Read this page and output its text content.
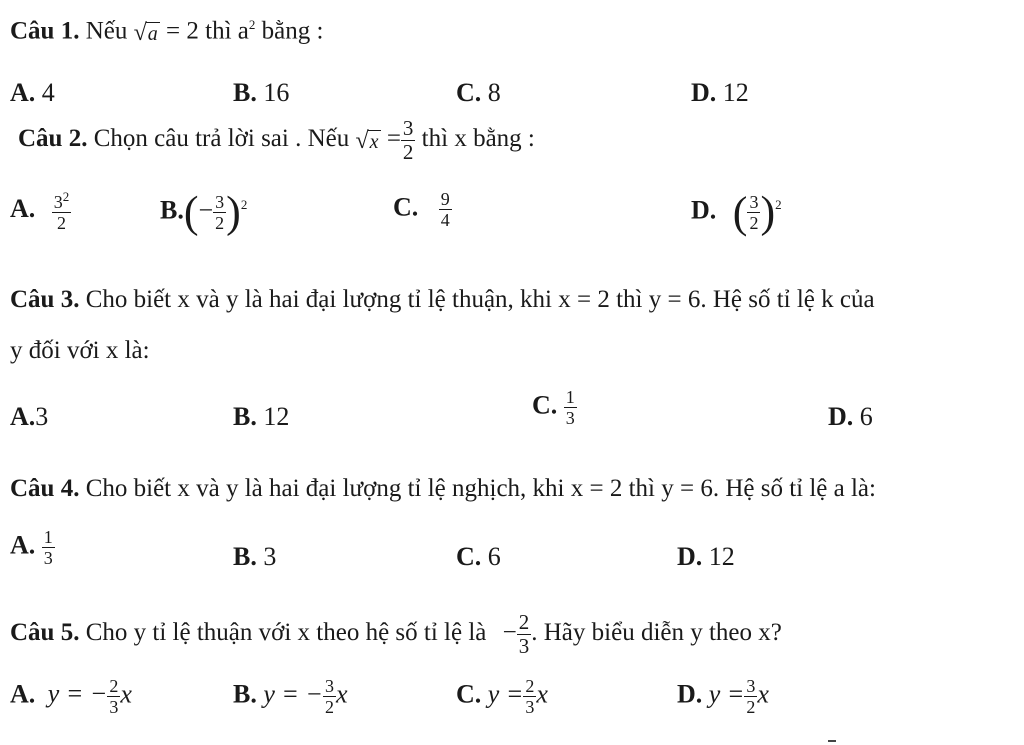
Câu 1. Nếu √ a = 2 thì $a^2$ bằng :
A. 4	B. 16	C. 8	D. 12
Câu 2. Chọn câu trả lời sai . Nếu √ $x = \frac{3}{2}$ thì x bằng :
A. $\frac{3^2}{2}$	$B.(- \frac{3}{2} )^2$	C. $\frac{9}{4}$	D. ( $\frac{3}{2} )^2$
Câu 3. Cho biết x và y là hai đại lượng tỉ lệ thuận, khi x = 2 thì y = 6. Hệ số tỉ lệ k của
y đối với x là:
A.3	B. 12	C. $\frac{1}{3}$	D. 6
Câu 4. Cho biết x và y là hai đại lượng tỉ lệ nghịch, khi x = 2 thì y = 6. Hệ số tỉ lệ a là:
A. $\frac{1}{3}$	B. 3	C. 6	D. 12
Câu 5. Cho y tỉ lệ thuận với x theo hệ số tỉ lệ là − $\frac{2}{3}$ . Hãy biểu diễn y theo x?
A. y = − $\frac{2}{3}$ x	B. y = − $\frac{3}{2}$ x	C. $y = \frac{2}{3}$ x	D. $y = \frac{3}{2}$ x
